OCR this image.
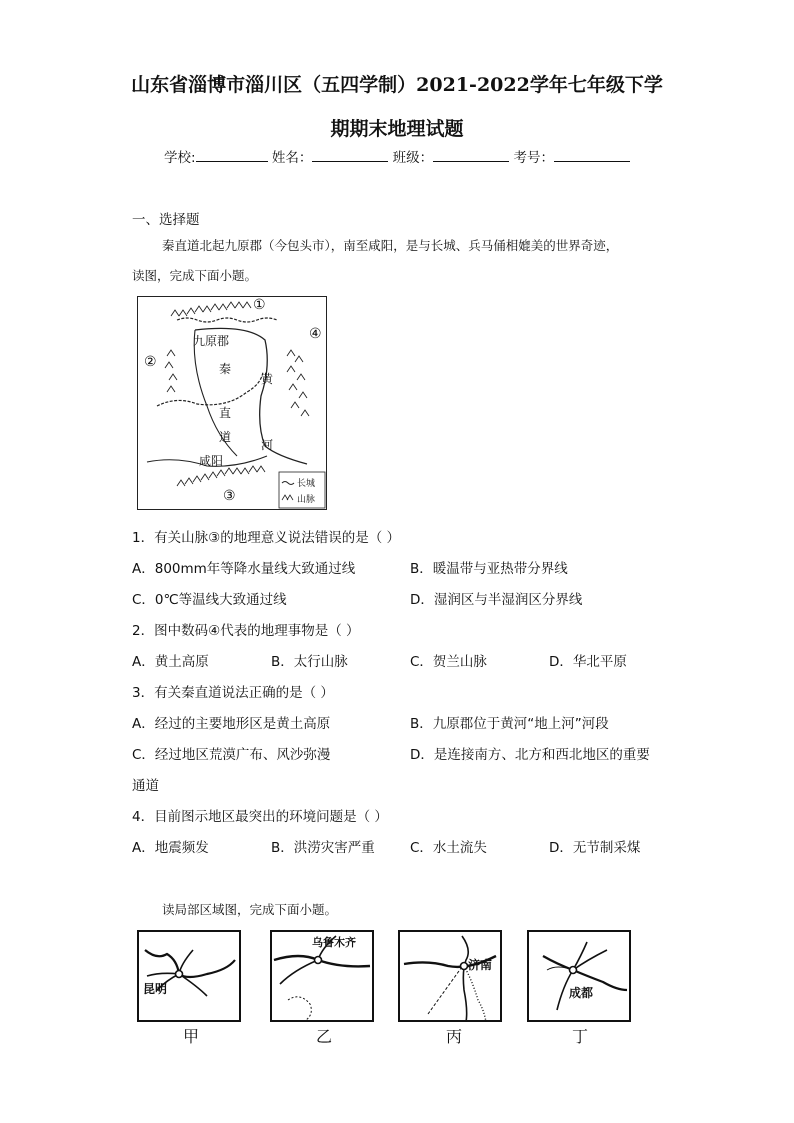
山东省淄博市淄川区（五四学制）2021-2022学年七年级下学
期期末地理试题
学校:	姓名：	班级：	考号：
一、选择题
秦直道北起九原郡（今包头市），南至咸阳，是与长城、兵马俑相媲美的世界奇迹，
读图，完成下面小题。
①
②
③
④
九原郡
秦
直
道
咸阳
黄
河
长城
山脉
1．有关山脉③的地理意义说法错误的是（ ）
A．800mm年等降水量线大致通过线	B．暖温带与亚热带分界线
C．0℃等温线大致通过线	D．湿润区与半湿润区分界线
2．图中数码④代表的地理事物是（ ）
A．黄土高原	B．太行山脉	C．贺兰山脉	D．华北平原
3．有关秦直道说法正确的是（ ）
A．经过的主要地形区是黄土高原	B．九原郡位于黄河“地上河”河段
C．经过地区荒漠广布、风沙弥漫	D．是连接南方、北方和西北地区的重要
通道
4．目前图示地区最突出的环境问题是（ ）
A．地震频发	B．洪涝灾害严重	C．水土流失	D．无节制采煤
读局部区域图，完成下面小题。
昆明
甲
乌鲁木齐
乙
济南
丙
成都
丁
